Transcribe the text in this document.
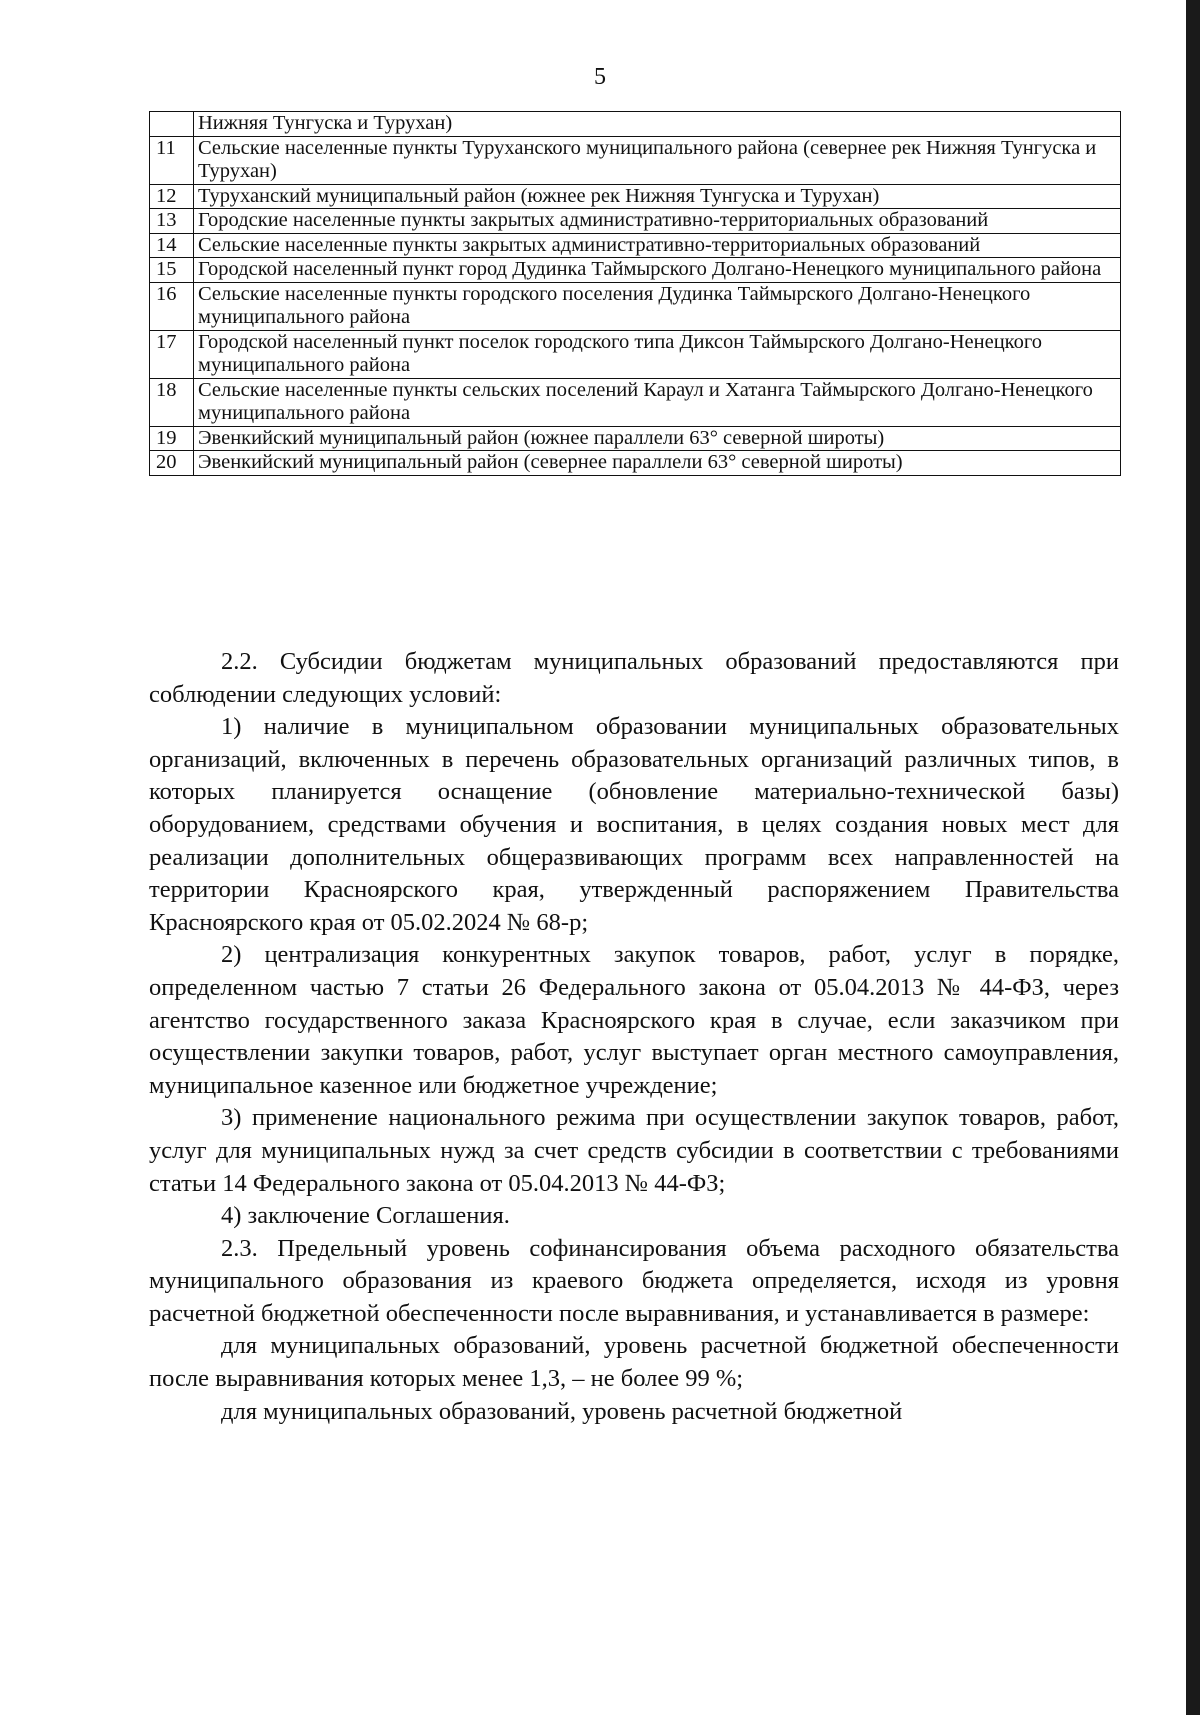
5
	Нижняя Тунгуска и Турухан)
11	Сельские населенные пункты Туруханского муниципального района (севернее рек Нижняя Тунгуска и Турухан)
12	Туруханский муниципальный район (южнее рек Нижняя Тунгуска и Турухан)
13	Городские населенные пункты закрытых административно-территориальных образований
14	Сельские населенные пункты закрытых административно-территориальных образований
15	Городской населенный пункт город Дудинка Таймырского Долгано-Ненецкого муниципального района
16	Сельские населенные пункты городского поселения Дудинка Таймырского Долгано-Ненецкого муниципального района
17	Городской населенный пункт поселок городского типа Диксон Таймырского Долгано-Ненецкого муниципального района
18	Сельские населенные пункты сельских поселений Караул и Хатанга Таймырского Долгано-Ненецкого муниципального района
19	Эвенкийский муниципальный район (южнее параллели 63° северной широты)
20	Эвенкийский муниципальный район (севернее параллели 63° северной широты)

2.2. Субсидии бюджетам муниципальных образований предоставляются при соблюдении следующих условий:

1) наличие в муниципальном образовании муниципальных образовательных организаций, включенных в перечень образовательных организаций различных типов, в которых планируется оснащение (обновление материально-технической базы) оборудованием, средствами обучения и воспитания, в целях создания новых мест для реализации дополнительных общеразвивающих программ всех направленностей на территории Красноярского края, утвержденный распоряжением Правительства Красноярского края от 05.02.2024 № 68-р;

2) централизация конкурентных закупок товаров, работ, услуг в порядке, определенном частью 7 статьи 26 Федерального закона от 05.04.2013 № 44-ФЗ, через агентство государственного заказа Красноярского края в случае, если заказчиком при осуществлении закупки товаров, работ, услуг выступает орган местного самоуправления, муниципальное казенное или бюджетное учреждение;

3) применение национального режима при осуществлении закупок товаров, работ, услуг для муниципальных нужд за счет средств субсидии в соответствии с требованиями статьи 14 Федерального закона от 05.04.2013 № 44-ФЗ;

4) заключение Соглашения.

2.3. Предельный уровень софинансирования объема расходного обязательства муниципального образования из краевого бюджета определяется, исходя из уровня расчетной бюджетной обеспеченности после выравнивания, и устанавливается в размере:

для муниципальных образований, уровень расчетной бюджетной обеспеченности после выравнивания которых менее 1,3, – не более 99 %;

для муниципальных образований, уровень расчетной бюджетной
